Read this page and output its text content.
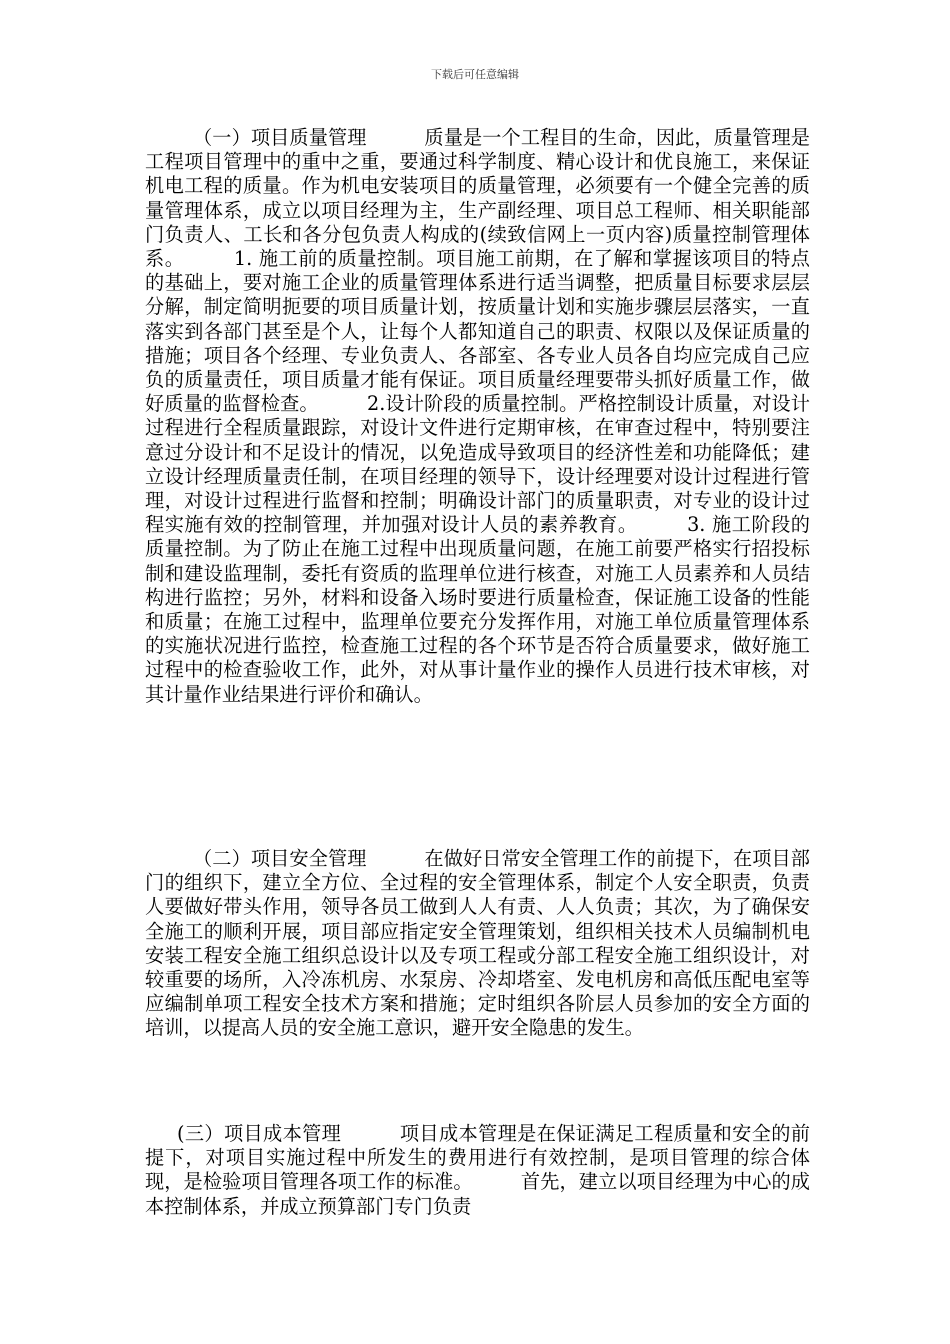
下载后可任意编辑

（一）项目质量管理　　　质量是一个工程目的生命，因此，质量管理是工程项目管理中的重中之重，要通过科学制度、精心设计和优良施工，来保证机电工程的质量。作为机电安装项目的质量管理，必须要有一个健全完善的质量管理体系，成立以项目经理为主，生产副经理、项目总工程师、相关职能部门负责人、工长和各分包负责人构成的(续致信网上一页内容)质量控制管理体系。　　　1. 施工前的质量控制。项目施工前期，在了解和掌握该项目的特点的基础上，要对施工企业的质量管理体系进行适当调整，把质量目标要求层层分解，制定简明扼要的项目质量计划，按质量计划和实施步骤层层落实，一直落实到各部门甚至是个人，让每个人都知道自己的职责、权限以及保证质量的措施；项目各个经理、专业负责人、各部室、各专业人员各自均应完成自己应负的质量责任，项目质量才能有保证。项目质量经理要带头抓好质量工作，做好质量的监督检查。　　　2.设计阶段的质量控制。严格控制设计质量，对设计过程进行全程质量跟踪，对设计文件进行定期审核，在审查过程中，特别要注意过分设计和不足设计的情况，以免造成导致项目的经济性差和功能降低；建立设计经理质量责任制，在项目经理的领导下，设计经理要对设计过程进行管理，对设计过程进行监督和控制；明确设计部门的质量职责，对专业的设计过程实施有效的控制管理，并加强对设计人员的素养教育。　　　3. 施工阶段的质量控制。为了防止在施工过程中出现质量问题，在施工前要严格实行招投标制和建设监理制，委托有资质的监理单位进行核查，对施工人员素养和人员结构进行监控；另外，材料和设备入场时要进行质量检查，保证施工设备的性能和质量；在施工过程中，监理单位要充分发挥作用，对施工单位质量管理体系的实施状况进行监控，检查施工过程的各个环节是否符合质量要求，做好施工过程中的检查验收工作，此外，对从事计量作业的操作人员进行技术审核，对其计量作业结果进行评价和确认。

（二）项目安全管理　　　在做好日常安全管理工作的前提下，在项目部门的组织下，建立全方位、全过程的安全管理体系，制定个人安全职责，负责人要做好带头作用，领导各员工做到人人有责、人人负责；其次，为了确保安全施工的顺利开展，项目部应指定安全管理策划，组织相关技术人员编制机电安装工程安全施工组织总设计以及专项工程或分部工程安全施工组织设计，对较重要的场所，入冷冻机房、水泵房、冷却塔室、发电机房和高低压配电室等应编制单项工程安全技术方案和措施；定时组织各阶层人员参加的安全方面的培训，以提高人员的安全施工意识，避开安全隐患的发生。

(三）项目成本管理　　　项目成本管理是在保证满足工程质量和安全的前提下，对项目实施过程中所发生的费用进行有效控制，是项目管理的综合体现，是检验项目管理各项工作的标准。　　　首先，建立以项目经理为中心的成本控制体系，并成立预算部门专门负责
